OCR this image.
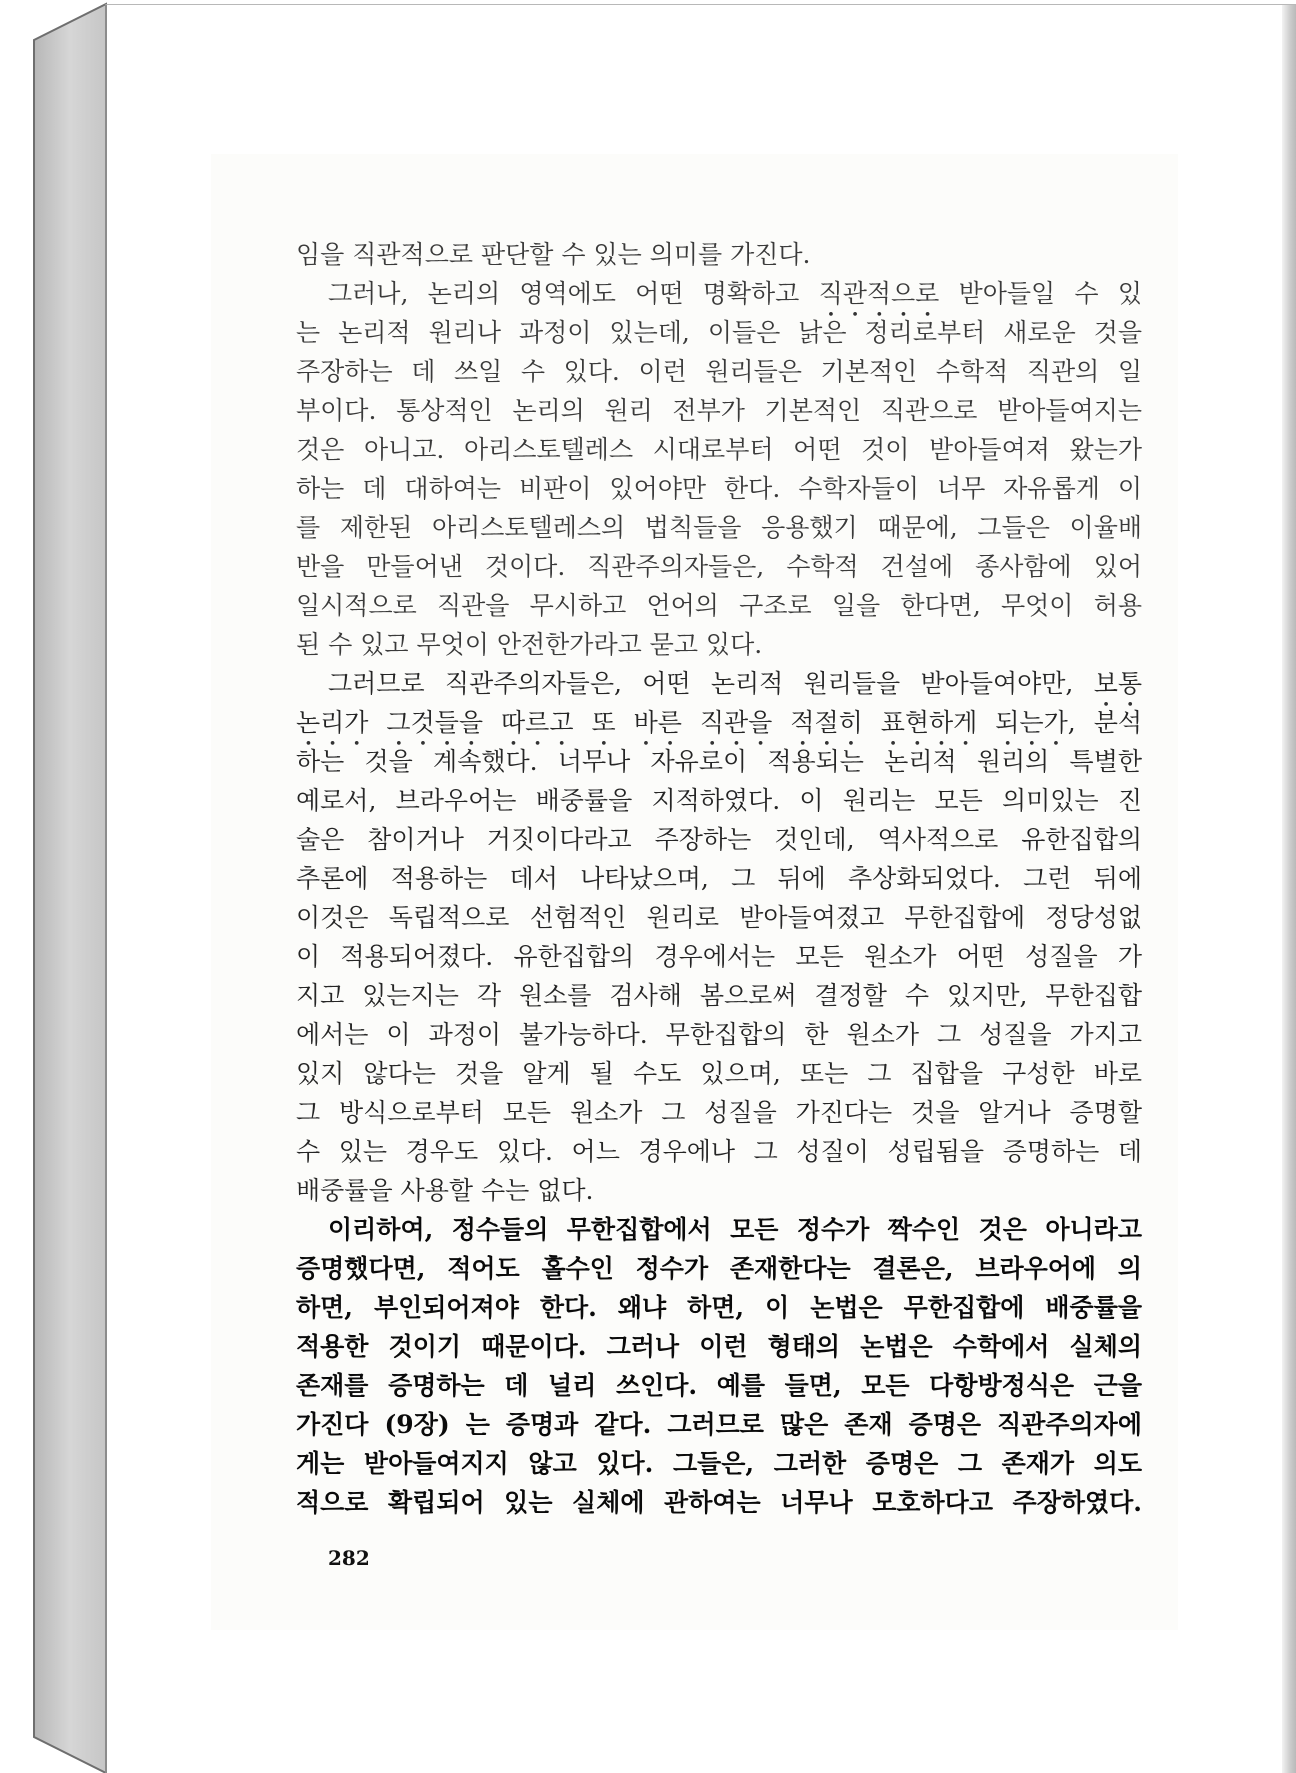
임을 직관적으로 판단할 수 있는 의미를 가진다.
그러나, 논리의 영역에도 어떤 명확하고 직관적으로 받아들일 수 있
는 논리적 원리나 과정이 있는데, 이들은 낡은 정리로부터 새로운 것을
주장하는 데 쓰일 수 있다. 이런 원리들은 기본적인 수학적 직관의 일
부이다. 통상적인 논리의 원리 전부가 기본적인 직관으로 받아들여지는
것은 아니고. 아리스토텔레스 시대로부터 어떤 것이 받아들여져 왔는가
하는 데 대하여는 비판이 있어야만 한다. 수학자들이 너무 자유롭게 이
를 제한된 아리스토텔레스의 법칙들을 응용했기 때문에, 그들은 이율배
반을 만들어낸 것이다. 직관주의자들은, 수학적 건설에 종사함에 있어
일시적으로 직관을 무시하고 언어의 구조로 일을 한다면, 무엇이 허용
된 수 있고 무엇이 안전한가라고 묻고 있다.
그러므로 직관주의자들은, 어떤 논리적 원리들을 받아들여야만, 보통
논리가 그것들을 따르고 또 바른 직관을 적절히 표현하게 되는가, 분석
하는 것을 계속했다. 너무나 자유로이 적용되는 논리적 원리의 특별한
예로서, 브라우어는 배중률을 지적하였다. 이 원리는 모든 의미있는 진
술은 참이거나 거짓이다라고 주장하는 것인데, 역사적으로 유한집합의
추론에 적용하는 데서 나타났으며, 그 뒤에 추상화되었다. 그런 뒤에
이것은 독립적으로 선험적인 원리로 받아들여졌고 무한집합에 정당성없
이 적용되어졌다. 유한집합의 경우에서는 모든 원소가 어떤 성질을 가
지고 있는지는 각 원소를 검사해 봄으로써 결정할 수 있지만, 무한집합
에서는 이 과정이 불가능하다. 무한집합의 한 원소가 그 성질을 가지고
있지 않다는 것을 알게 될 수도 있으며, 또는 그 집합을 구성한 바로
그 방식으로부터 모든 원소가 그 성질을 가진다는 것을 알거나 증명할
수 있는 경우도 있다. 어느 경우에나 그 성질이 성립됨을 증명하는 데
배중률을 사용할 수는 없다.
이리하여, 정수들의 무한집합에서 모든 정수가 짝수인 것은 아니라고
증명했다면, 적어도 홀수인 정수가 존재한다는 결론은, 브라우어에 의
하면, 부인되어져야 한다. 왜냐 하면, 이 논법은 무한집합에 배중률을
적용한 것이기 때문이다. 그러나 이런 형태의 논법은 수학에서 실체의
존재를 증명하는 데 널리 쓰인다. 예를 들면, 모든 다항방정식은 근을
가진다 (9장) 는 증명과 같다. 그러므로 많은 존재 증명은 직관주의자에
게는 받아들여지지 않고 있다. 그들은, 그러한 증명은 그 존재가 의도
적으로 확립되어 있는 실체에 관하여는 너무나 모호하다고 주장하였다.
282
